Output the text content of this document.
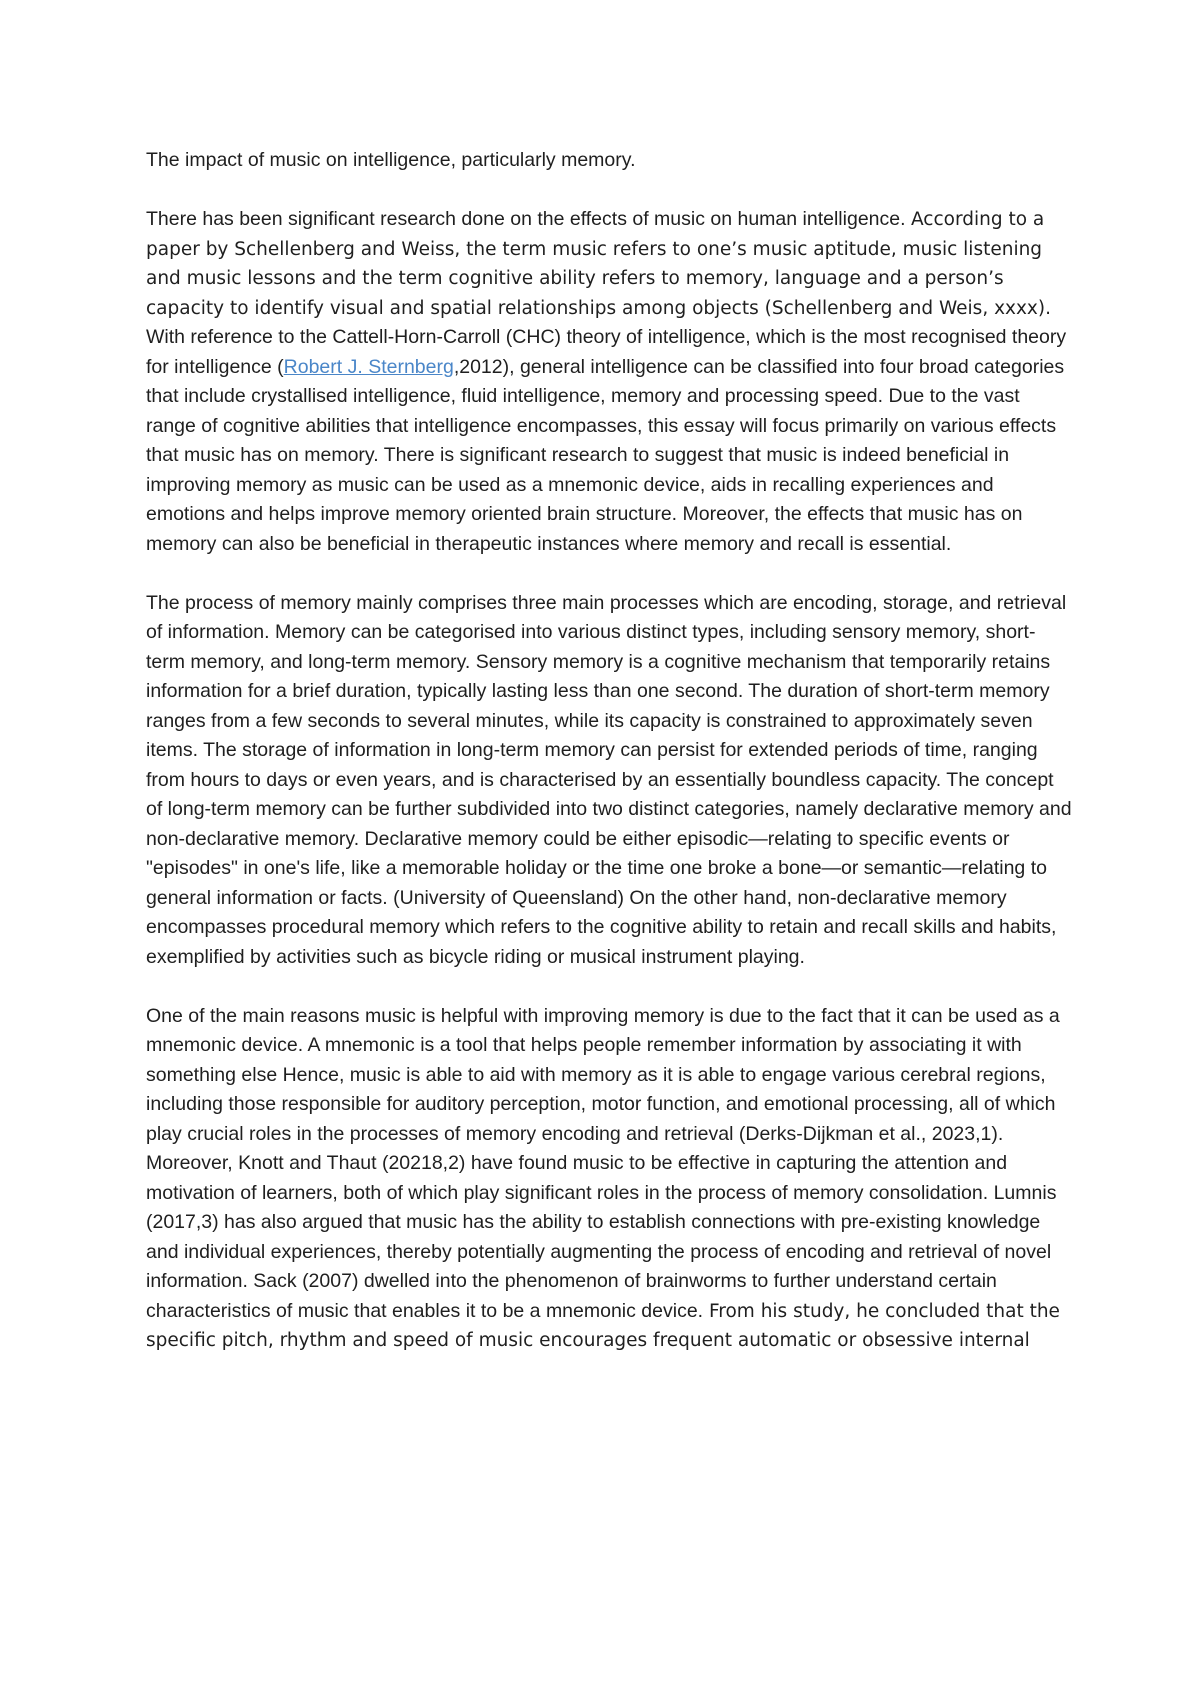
The impact of music on intelligence, particularly memory.

There has been significant research done on the effects of music on human intelligence. According to a paper by Schellenberg and Weiss, the term music refers to one’s music aptitude, music listening and music lessons and the term cognitive ability refers to memory, language and a person’s capacity to identify visual and spatial relationships among objects (Schellenberg and Weis, xxxx). With reference to the Cattell-Horn-Carroll (CHC) theory of intelligence, which is the most recognised theory for intelligence (Robert J. Sternberg,2012), general intelligence can be classified into four broad categories that include crystallised intelligence, fluid intelligence, memory and processing speed. Due to the vast range of cognitive abilities that intelligence encompasses, this essay will focus primarily on various effects that music has on memory. There is significant research to suggest that music is indeed beneficial in improving memory as music can be used as a mnemonic device, aids in recalling experiences and emotions and helps improve memory oriented brain structure. Moreover, the effects that music has on memory can also be beneficial in therapeutic instances where memory and recall is essential.

The process of memory mainly comprises three main processes which are encoding, storage, and retrieval of information. Memory can be categorised into various distinct types, including sensory memory, short-term memory, and long-term memory. Sensory memory is a cognitive mechanism that temporarily retains information for a brief duration, typically lasting less than one second. The duration of short-term memory ranges from a few seconds to several minutes, while its capacity is constrained to approximately seven items. The storage of information in long-term memory can persist for extended periods of time, ranging from hours to days or even years, and is characterised by an essentially boundless capacity. The concept of long-term memory can be further subdivided into two distinct categories, namely declarative memory and non-declarative memory. Declarative memory could be either episodic—relating to specific events or "episodes" in one's life, like a memorable holiday or the time one broke a bone—or semantic—relating to general information or facts. (University of Queensland) On the other hand, non-declarative memory encompasses procedural memory which refers to the cognitive ability to retain and recall skills and habits, exemplified by activities such as bicycle riding or musical instrument playing.

One of the main reasons music is helpful with improving memory is due to the fact that it can be used as a mnemonic device. A mnemonic is a tool that helps people remember information by associating it with something else Hence, music is able to aid with memory as it is able to engage various cerebral regions, including those responsible for auditory perception, motor function, and emotional processing, all of which play crucial roles in the processes of memory encoding and retrieval (Derks-Dijkman et al., 2023,1). Moreover, Knott and Thaut (20218,2) have found music to be effective in capturing the attention and motivation of learners, both of which play significant roles in the process of memory consolidation. Lumnis (2017,3) has also argued that music has the ability to establish connections with pre-existing knowledge and individual experiences, thereby potentially augmenting the process of encoding and retrieval of novel information. Sack (2007) dwelled into the phenomenon of brainworms to further understand certain characteristics of music that enables it to be a mnemonic device. From his study, he concluded that the specific pitch, rhythm and speed of music encourages frequent automatic or obsessive internal
